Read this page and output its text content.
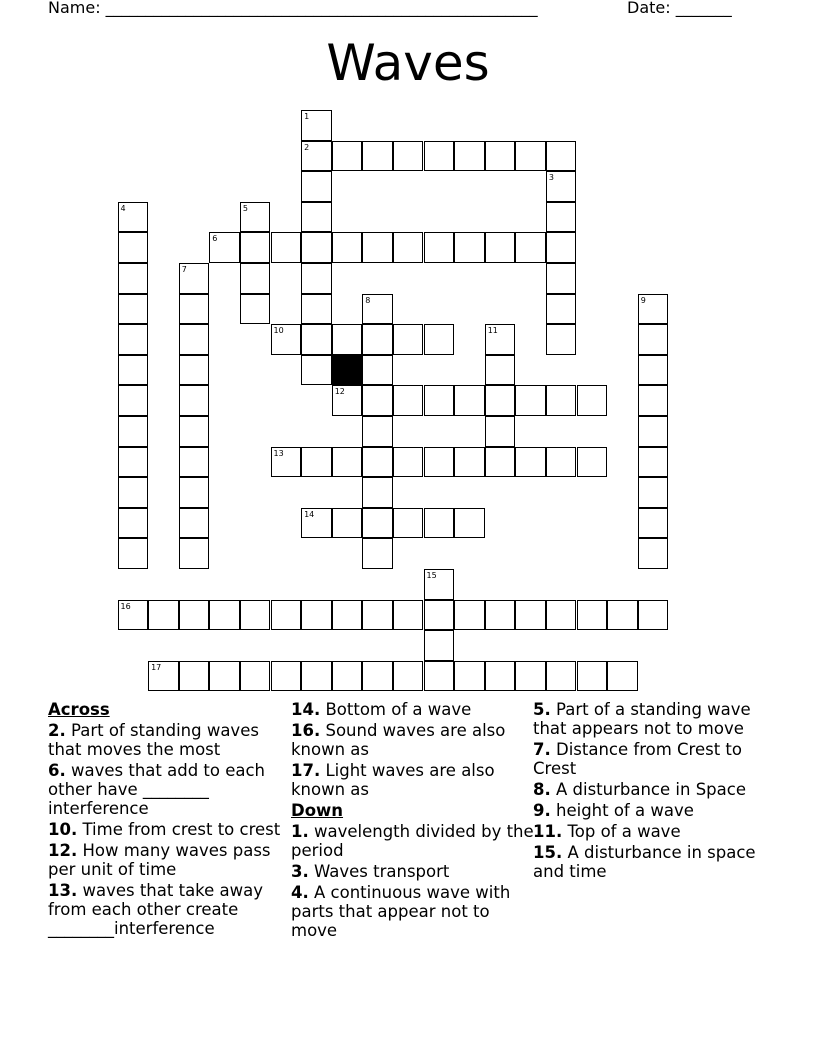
Name: ______________________________________________________	Date: _______
Waves
1
2
3
4	5
6
7
8	9
10	11
12
13
14
15
16
17
Across
2. Part of standing waves that moves the most
6. waves that add to each other have ________ interference
10. Time from crest to crest
12. How many waves pass per unit of time
13. waves that take away from each other create ________interference
14. Bottom of a wave
16. Sound waves are also known as
17. Light waves are also known as
Down
1. wavelength divided by the period
3. Waves transport
4. A continuous wave with parts that appear not to move
5. Part of a standing wave that appears not to move
7. Distance from Crest to Crest
8. A disturbance in Space
9. height of a wave
11. Top of a wave
15. A disturbance in space and time
